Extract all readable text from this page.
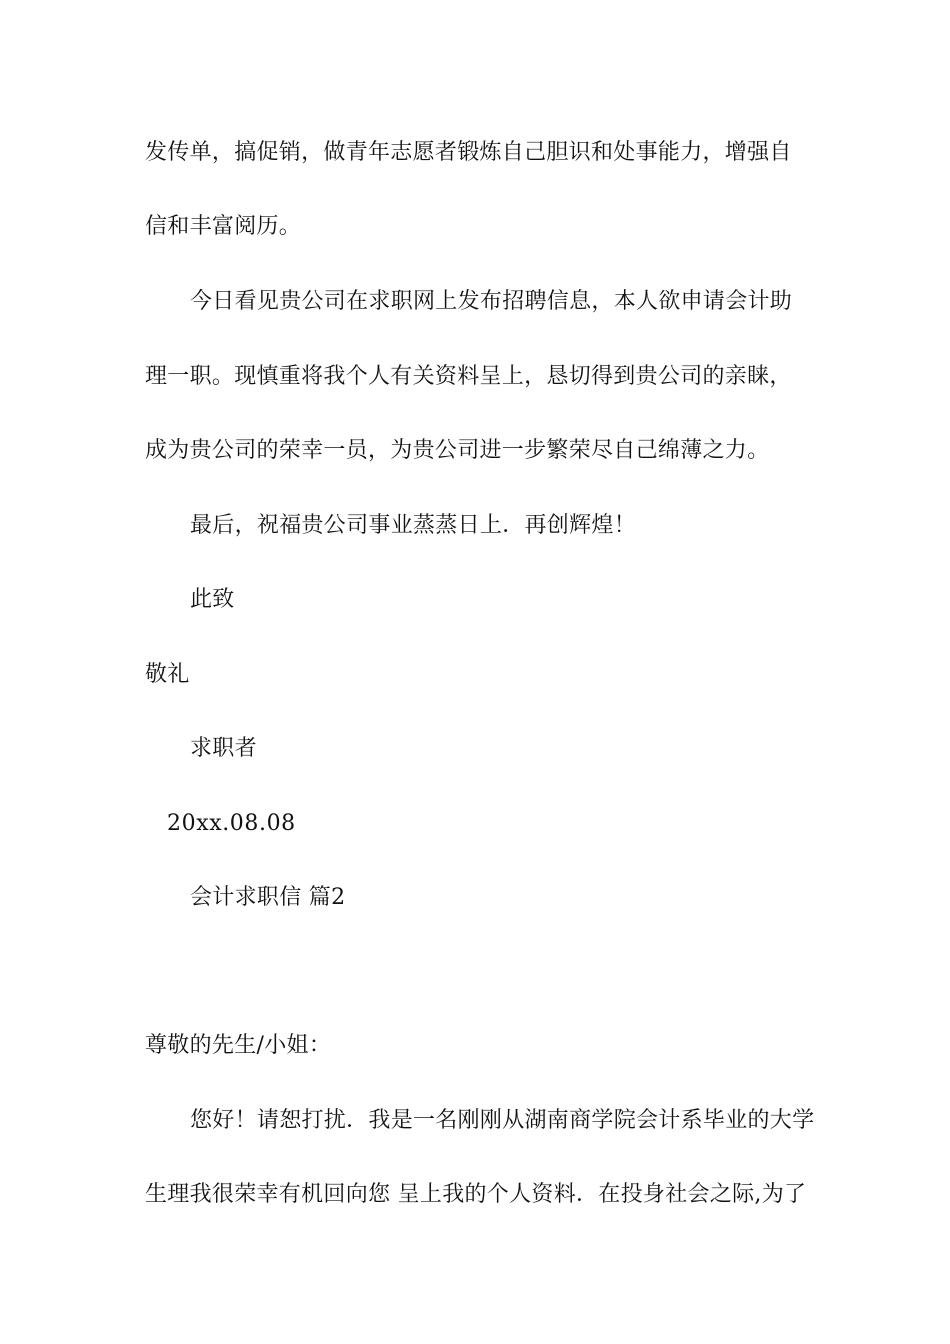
发传单，搞促销，做青年志愿者锻炼自己胆识和处事能力，增强自
信和丰富阅历。
今日看见贵公司在求职网上发布招聘信息，本人欲申请会计助
理一职。现慎重将我个人有关资料呈上，恳切得到贵公司的亲睐，
成为贵公司的荣幸一员，为贵公司进一步繁荣尽自己绵薄之力。
最后，祝福贵公司事业蒸蒸日上．再创辉煌！
此致
敬礼
求职者
20xx.08.08
会计求职信 篇2
尊敬的先生/小姐：
您好！请恕打扰．我是一名刚刚从湖南商学院会计系毕业的大学
生理我很荣幸有机回向您 呈上我的个人资料．在投身社会之际,为了
